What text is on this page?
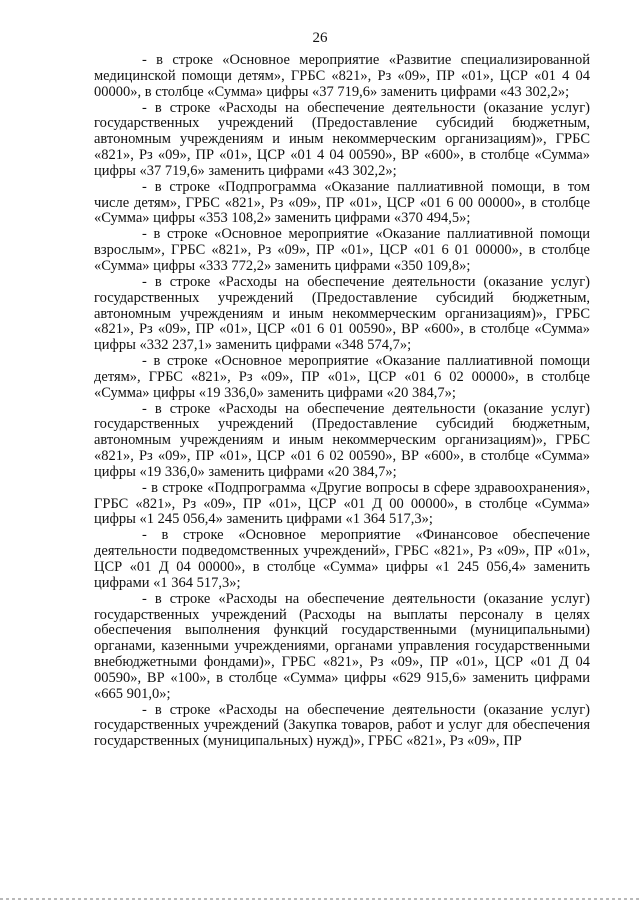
26

- в строке «Основное мероприятие «Развитие специализированной медицинской помощи детям», ГРБС «821», Рз «09», ПР «01», ЦСР «01 4 04 00000», в столбце «Сумма» цифры «37 719,6» заменить цифрами «43 302,2»;

- в строке «Расходы на обеспечение деятельности (оказание услуг) государственных учреждений (Предоставление субсидий бюджетным, автономным учреждениям и иным некоммерческим организациям)», ГРБС «821», Рз «09», ПР «01», ЦСР «01 4 04 00590», ВР «600», в столбце «Сумма» цифры «37 719,6» заменить цифрами «43 302,2»;

- в строке «Подпрограмма «Оказание паллиативной помощи, в том числе детям», ГРБС «821», Рз «09», ПР «01», ЦСР «01 6 00 00000», в столбце «Сумма» цифры «353 108,2» заменить цифрами «370 494,5»;

- в строке «Основное мероприятие «Оказание паллиативной помощи взрослым», ГРБС «821», Рз «09», ПР «01», ЦСР «01 6 01 00000», в столбце «Сумма» цифры «333 772,2» заменить цифрами «350 109,8»;

- в строке «Расходы на обеспечение деятельности (оказание услуг) государственных учреждений (Предоставление субсидий бюджетным, автономным учреждениям и иным некоммерческим организациям)», ГРБС «821», Рз «09», ПР «01», ЦСР «01 6 01 00590», ВР «600», в столбце «Сумма» цифры «332 237,1» заменить цифрами «348 574,7»;

- в строке «Основное мероприятие «Оказание паллиативной помощи детям», ГРБС «821», Рз «09», ПР «01», ЦСР «01 6 02 00000», в столбце «Сумма» цифры «19 336,0» заменить цифрами «20 384,7»;

- в строке «Расходы на обеспечение деятельности (оказание услуг) государственных учреждений (Предоставление субсидий бюджетным, автономным учреждениям и иным некоммерческим организациям)», ГРБС «821», Рз «09», ПР «01», ЦСР «01 6 02 00590», ВР «600», в столбце «Сумма» цифры «19 336,0» заменить цифрами «20 384,7»;

- в строке «Подпрограмма «Другие вопросы в сфере здравоохранения», ГРБС «821», Рз «09», ПР «01», ЦСР «01 Д 00 00000», в столбце «Сумма» цифры «1 245 056,4» заменить цифрами «1 364 517,3»;

- в строке «Основное мероприятие «Финансовое обеспечение деятельности подведомственных учреждений», ГРБС «821», Рз «09», ПР «01», ЦСР «01 Д 04 00000», в столбце «Сумма» цифры «1 245 056,4» заменить цифрами «1 364 517,3»;

- в строке «Расходы на обеспечение деятельности (оказание услуг) государственных учреждений (Расходы на выплаты персоналу в целях обеспечения выполнения функций государственными (муниципальными) органами, казенными учреждениями, органами управления государственными внебюджетными фондами)», ГРБС «821», Рз «09», ПР «01», ЦСР «01 Д 04 00590», ВР «100», в столбце «Сумма» цифры «629 915,6» заменить цифрами «665 901,0»;

- в строке «Расходы на обеспечение деятельности (оказание услуг) государственных учреждений (Закупка товаров, работ и услуг для обеспечения государственных (муниципальных) нужд)», ГРБС «821», Рз «09», ПР
